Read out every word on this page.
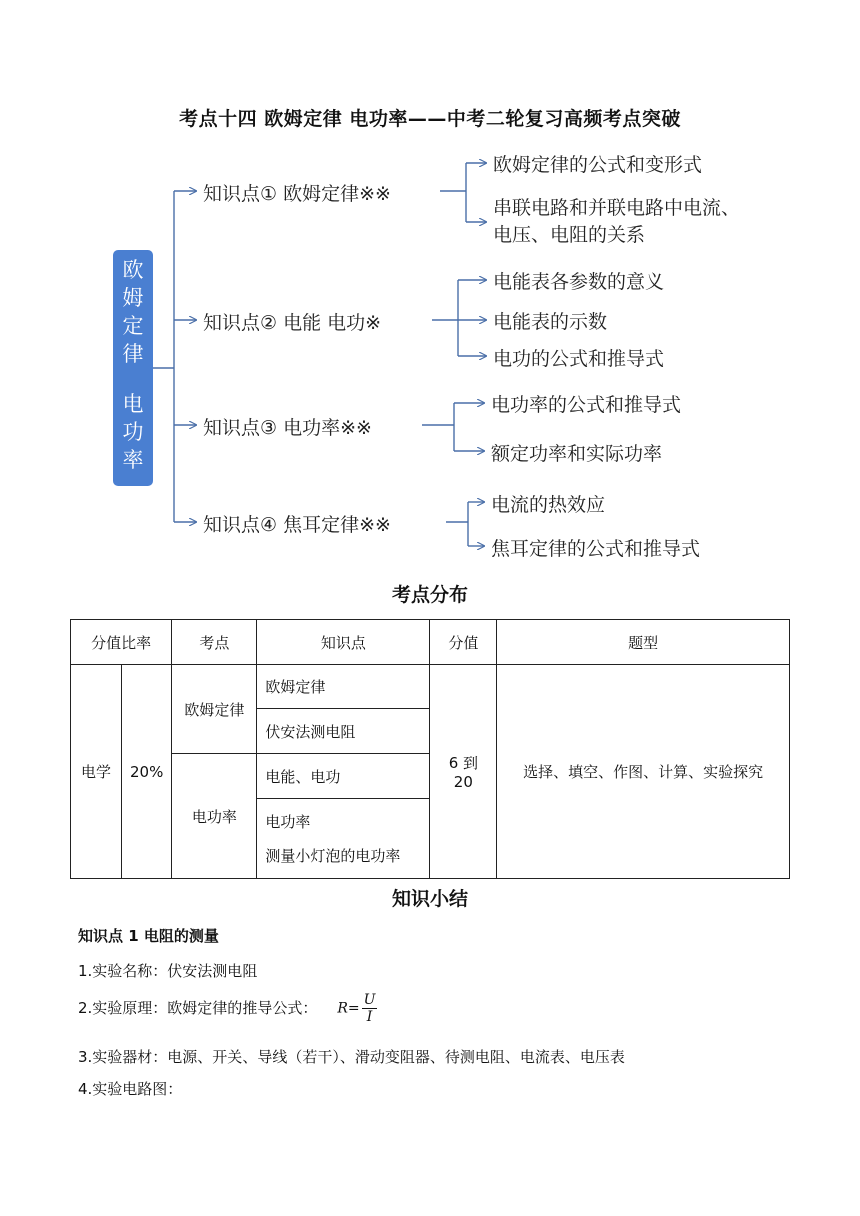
考点十四 欧姆定律 电功率——中考二轮复习高频考点突破
欧
姆
定
律
电
功
率
知识点① 欧姆定律※※
知识点② 电能 电功※
知识点③ 电功率※※
知识点④ 焦耳定律※※
欧姆定律的公式和变形式
串联电路和并联电路中电流、电压、电阻的关系
电能表各参数的意义
电能表的示数
电功的公式和推导式
电功率的公式和推导式
额定功率和实际功率
电流的热效应
焦耳定律的公式和推导式
考点分布
分值比率		考点	知识点	分值	题型
电学	20%	欧姆定律	欧姆定律	6 到 20	选择、填空、作图、计算、实验探究
			伏安法测电阻		
		电功率	电能、电功		

			电功率
测量小灯泡的电功率		
知识小结
知识点 1 电阻的测量
1.实验名称：伏安法测电阻
2.实验原理：欧姆定律的推导公式： $R= \frac{U}{I}$
3.实验器材：电源、开关、导线（若干）、滑动变阻器、待测电阻、电流表、电压表
4.实验电路图：
